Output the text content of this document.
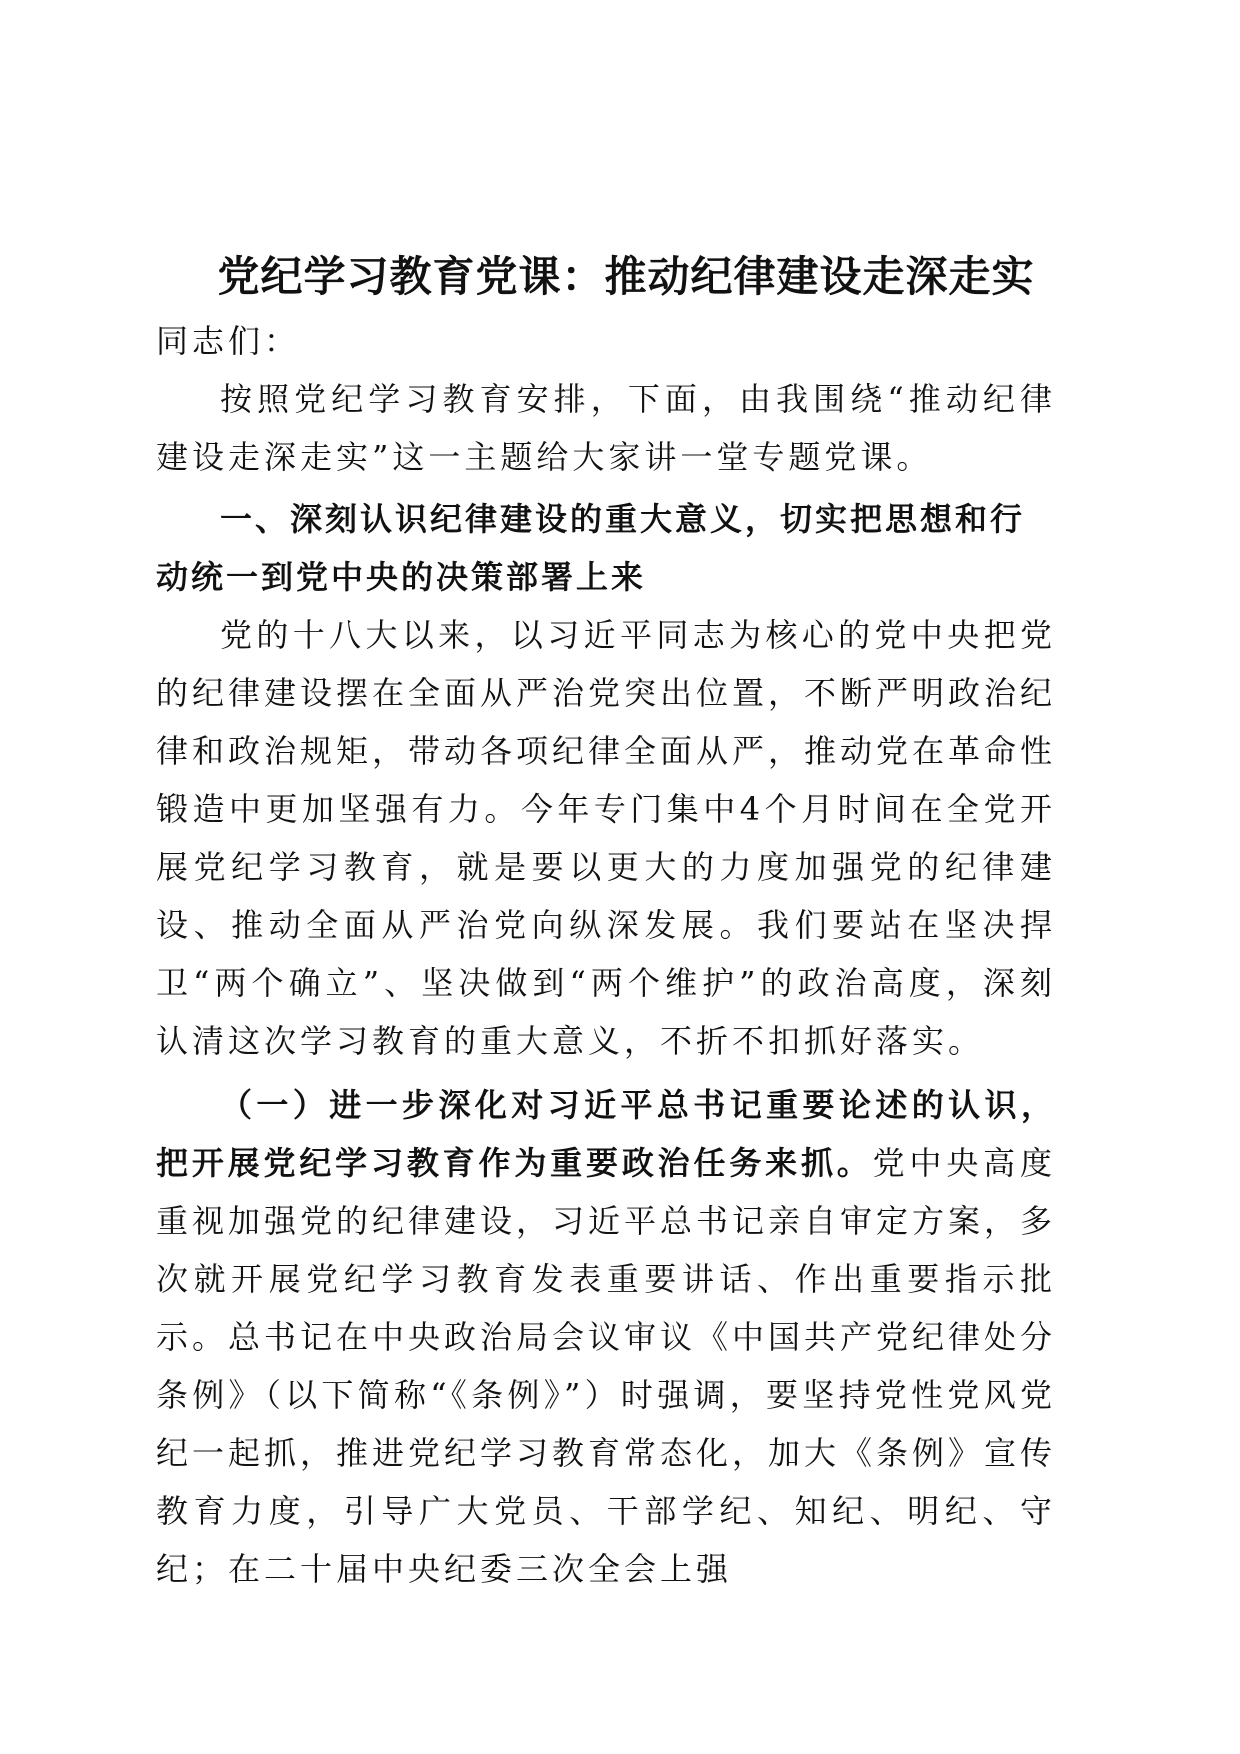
党纪学习教育党课：推动纪律建设走深走实

同志们：

按照党纪学习教育安排，下面，由我围绕“推动纪律建设走深走实”这一主题给大家讲一堂专题党课。

一、深刻认识纪律建设的重大意义，切实把思想和行动统一到党中央的决策部署上来

党的十八大以来，以习近平同志为核心的党中央把党的纪律建设摆在全面从严治党突出位置，不断严明政治纪律和政治规矩，带动各项纪律全面从严，推动党在革命性锻造中更加坚强有力。今年专门集中4个月时间在全党开展党纪学习教育，就是要以更大的力度加强党的纪律建设、推动全面从严治党向纵深发展。我们要站在坚决捍卫“两个确立”、坚决做到“两个维护”的政治高度，深刻认清这次学习教育的重大意义，不折不扣抓好落实。

（一）进一步深化对习近平总书记重要论述的认识，把开展党纪学习教育作为重要政治任务来抓。党中央高度重视加强党的纪律建设，习近平总书记亲自审定方案，多次就开展党纪学习教育发表重要讲话、作出重要指示批示。总书记在中央政治局会议审议《中国共产党纪律处分条例》（以下简称“《条例》”）时强调，要坚持党性党风党纪一起抓，推进党纪学习教育常态化，加大《条例》宣传教育力度，引导广大党员、干部学纪、知纪、明纪、守纪；在二十届中央纪委三次全会上强
